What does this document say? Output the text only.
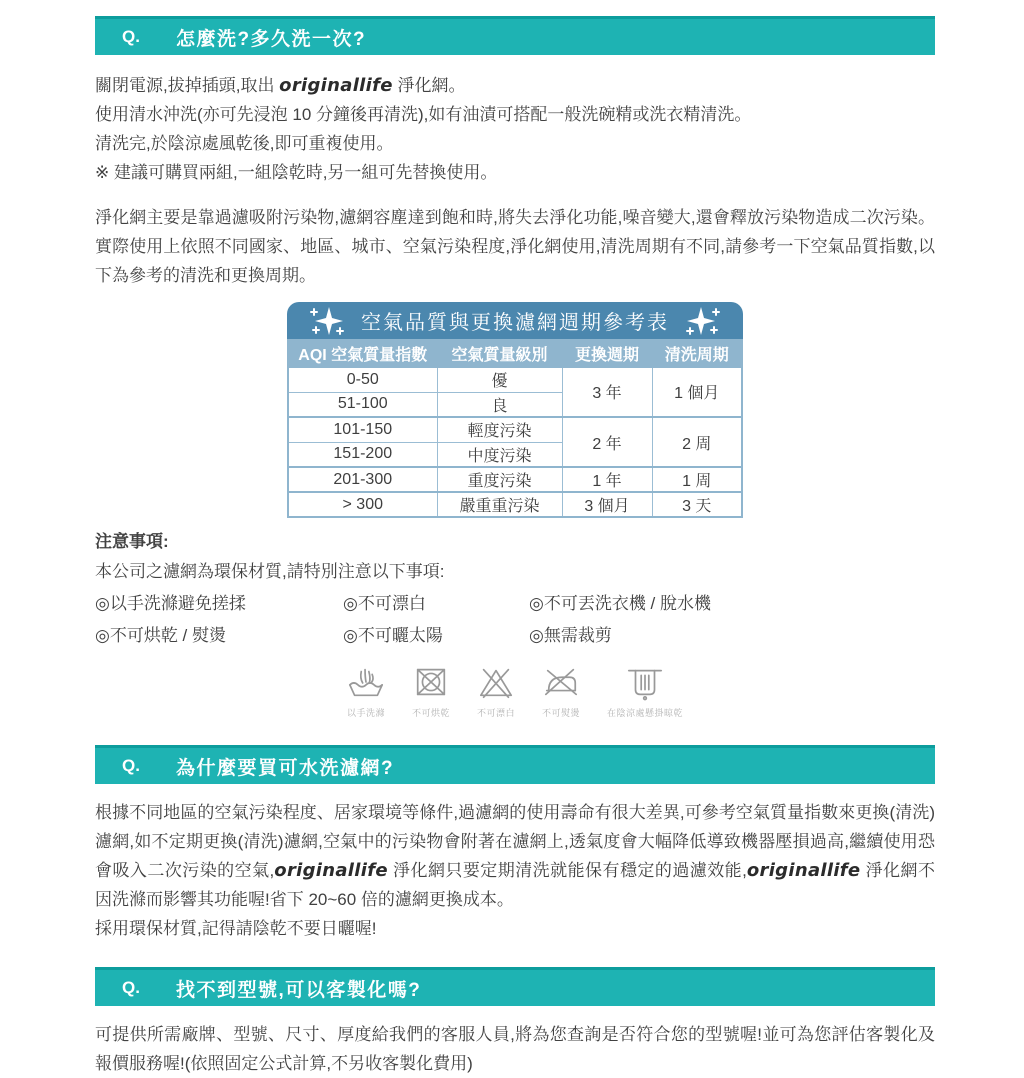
Q. 怎麼洗?多久洗一次?
關閉電源,拔掉插頭,取出 originallife 淨化網。
使用清水沖洗(亦可先浸泡 10 分鐘後再清洗),如有油漬可搭配一般洗碗精或洗衣精清洗。
清洗完,於陰涼處風乾後,即可重複使用。
※ 建議可購買兩組,一組陰乾時,另一組可先替換使用。
淨化網主要是靠過濾吸附污染物,濾網容塵達到飽和時,將失去淨化功能,噪音變大,還會釋放污染物造成二次污染。實際使用上依照不同國家、地區、城市、空氣污染程度,淨化網使用,清洗周期有不同,請參考一下空氣品質指數,以下為參考的清洗和更換周期。
空氣品質與更換濾網週期參考表
AQI 空氣質量指數	空氣質量級別	更換週期	清洗周期
0-50	優	3 年	1 個月
51-100	良		
101-150	輕度污染	2 年	2 周
151-200	中度污染		
201-300	重度污染	1 年	1 周
> 300	嚴重重污染	3 個月	3 天
注意事項:
本公司之濾網為環保材質,請特別注意以下事項:
◎以手洗滌避免搓揉	◎不可漂白	◎不可丟洗衣機 / 脫水機
◎不可烘乾 / 熨燙	◎不可曬太陽	◎無需裁剪
以手洗滌	不可烘乾	不可漂白	不可熨燙	在陰涼處懸掛晾乾
Q. 為什麼要買可水洗濾網?
根據不同地區的空氣污染程度、居家環境等條件,過濾網的使用壽命有很大差異,可參考空氣質量指數來更換(清洗)濾網,如不定期更換(清洗)濾網,空氣中的污染物會附著在濾網上,透氣度會大幅降低導致機器壓損過高,繼續使用恐會吸入二次污染的空氣,originallife 淨化網只要定期清洗就能保有穩定的過濾效能,originallife 淨化網不因洗滌而影響其功能喔!省下 20~60 倍的濾網更換成本。
採用環保材質,記得請陰乾不要日曬喔!
Q. 找不到型號,可以客製化嗎?
可提供所需廠牌、型號、尺寸、厚度給我們的客服人員,將為您查詢是否符合您的型號喔!並可為您評估客製化及報價服務喔!(依照固定公式計算,不另收客製化費用)
